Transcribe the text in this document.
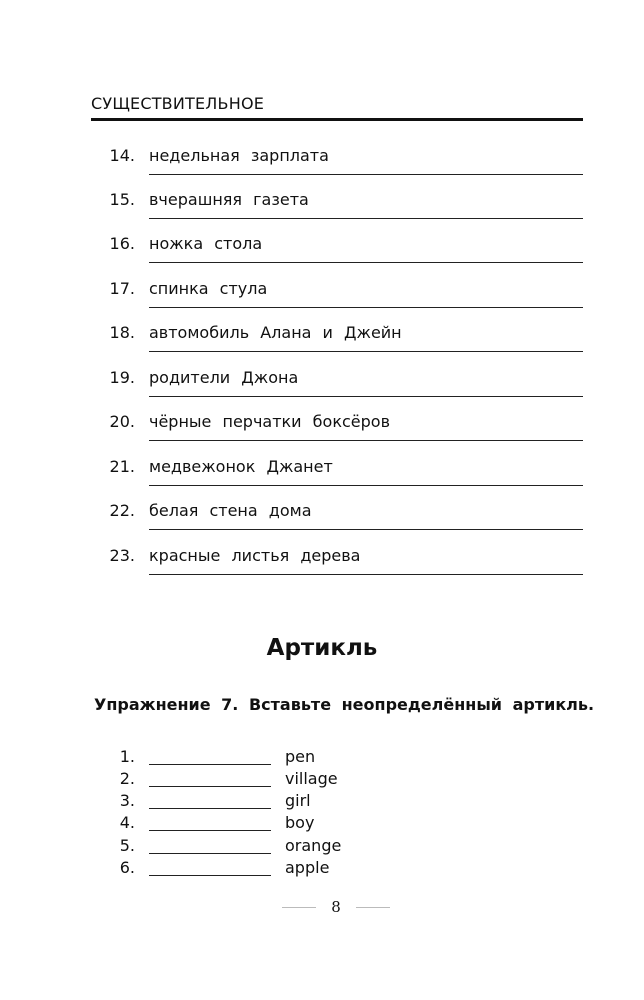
СУЩЕСТВИТЕЛЬНОЕ
14. недельная зарплата
15. вчерашняя газета
16. ножка стола
17. спинка стула
18. автомобиль Алана и Джейн
19. родители Джона
20. чёрные перчатки боксёров
21. медвежонок Джанет
22. белая стена дома
23. красные листья дерева
Артикль
Упражнение 7. Вставьте неопределённый артикль.
1.	pen
2.	village
3.	girl
4.	boy
5.	orange
6.	apple
8
